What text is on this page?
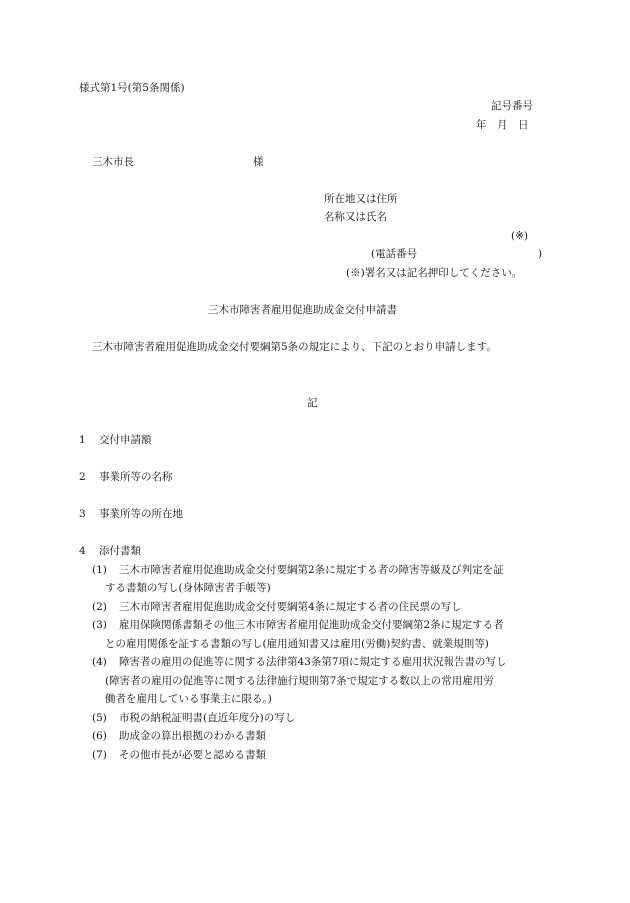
様式第1号(第5条関係)
記号番号
年　月　日
三木市長	様
所在地又は住所
名称又は氏名
(※)
(電話番号	)
(※)署名又は記名押印してください。
三木市障害者雇用促進助成金交付申請書
三木市障害者雇用促進助成金交付要綱第5条の規定により、下記のとおり申請します。
記
1 交付申請額
2 事業所等の名称
3 事業所等の所在地
4 添付書類
(1) 三木市障害者雇用促進助成金交付要綱第2条に規定する者の障害等級及び判定を証
する書類の写し(身体障害者手帳等)
(2) 三木市障害者雇用促進助成金交付要綱第4条に規定する者の住民票の写し
(3) 雇用保険関係書類その他三木市障害者雇用促進助成金交付要綱第2条に規定する者
との雇用関係を証する書類の写し(雇用通知書又は雇用(労働)契約書、就業規則等)
(4) 障害者の雇用の促進等に関する法律第43条第7項に規定する雇用状況報告書の写し
(障害者の雇用の促進等に関する法律施行規則第7条で規定する数以上の常用雇用労
働者を雇用している事業主に限る。)
(5) 市税の納税証明書(直近年度分)の写し
(6) 助成金の算出根拠のわかる書類
(7) その他市長が必要と認める書類
